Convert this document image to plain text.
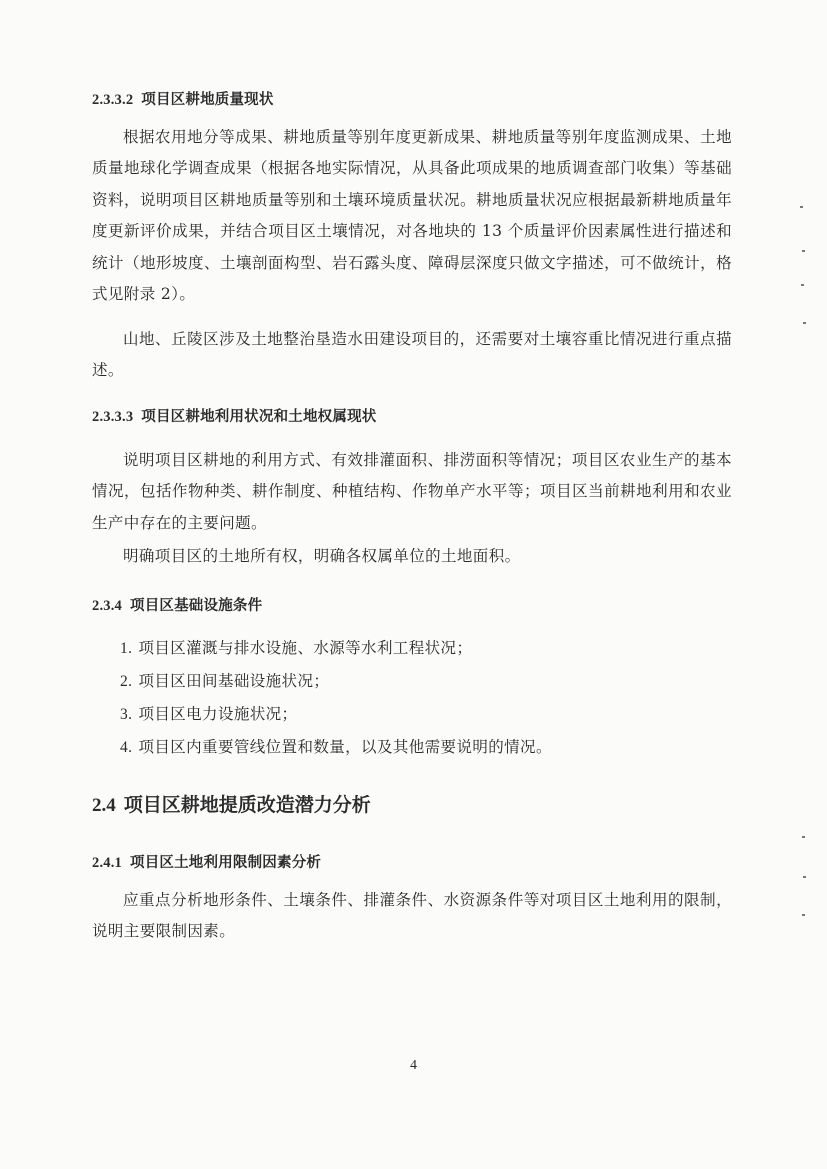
2.3.3.2 项目区耕地质量现状

根据农用地分等成果、耕地质量等别年度更新成果、耕地质量等别年度监测成果、土地质量地球化学调查成果（根据各地实际情况，从具备此项成果的地质调查部门收集）等基础资料，说明项目区耕地质量等别和土壤环境质量状况。耕地质量状况应根据最新耕地质量年度更新评价成果，并结合项目区土壤情况，对各地块的 13 个质量评价因素属性进行描述和统计（地形坡度、土壤剖面构型、岩石露头度、障碍层深度只做文字描述，可不做统计，格式见附录 2）。

山地、丘陵区涉及土地整治垦造水田建设项目的，还需要对土壤容重比情况进行重点描述。

2.3.3.3 项目区耕地利用状况和土地权属现状

说明项目区耕地的利用方式、有效排灌面积、排涝面积等情况；项目区农业生产的基本情况，包括作物种类、耕作制度、种植结构、作物单产水平等；项目区当前耕地利用和农业生产中存在的主要问题。

明确项目区的土地所有权，明确各权属单位的土地面积。

2.3.4 项目区基础设施条件
1. 项目区灌溉与排水设施、水源等水利工程状况；
2. 项目区田间基础设施状况；
3. 项目区电力设施状况；
4. 项目区内重要管线位置和数量，以及其他需要说明的情况。
2.4 项目区耕地提质改造潜力分析
2.4.1 项目区土地利用限制因素分析

应重点分析地形条件、土壤条件、排灌条件、水资源条件等对项目区土地利用的限制，说明主要限制因素。

4
